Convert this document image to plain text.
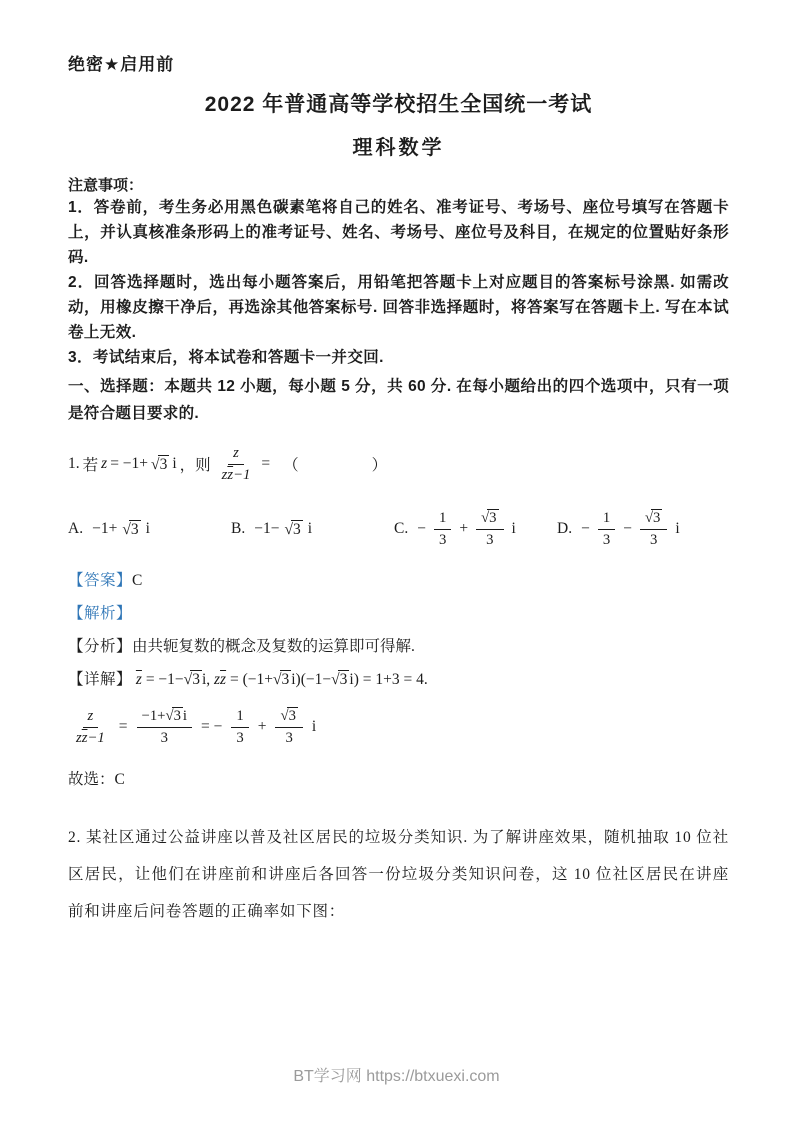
绝密★启用前
2022 年普通高等学校招生全国统一考试
理科数学
注意事项：

1．答卷前，考生务必用黑色碳素笔将自己的姓名、准考证号、考场号、座位号填写在答题卡上，并认真核准条形码上的准考证号、姓名、考场号、座位号及科目，在规定的位置贴好条形码.

2．回答选择题时，选出每小题答案后，用铅笔把答题卡上对应题目的答案标号涂黑. 如需改动，用橡皮擦干净后，再选涂其他答案标号. 回答非选择题时，将答案写在答题卡上. 写在本试卷上无效.

3．考试结束后，将本试卷和答题卡一并交回.

一、选择题：本题共 12 小题，每小题 5 分，共 60 分. 在每小题给出的四个选项中，只有一项是符合题目要求的.

1. 若 z = −1+ √3 i ，则 $\frac{z}{z\overline{z}-1}$ = （　　）
A. −1+ √3 i	B. −1− √3 i	C. − $\frac{1}{3} + \frac{√3}{3}$ i	D. − $\frac{1}{3} - \frac{√3}{3}$ i

【答案】C

【解析】

【分析】由共轭复数的概念及复数的运算即可得解.

【详解】 $\overline{z} = -1-√3$ i, $z\overline{z} = (-1+√3$ i)(−1−√3 i) = 1+3 = 4.

$\frac{z}{z\overline{z}-1} = \frac{-1+√3 i}{3}$ = − $\frac{1}{3} + \frac{√3}{3}$ i

故选：C

2. 某社区通过公益讲座以普及社区居民的垃圾分类知识. 为了解讲座效果，随机抽取 10 位社区居民，让他们在讲座前和讲座后各回答一份垃圾分类知识问卷，这 10 位社区居民在讲座前和讲座后问卷答题的正确率如下图：

BT学习网 https://btxuexi.com
